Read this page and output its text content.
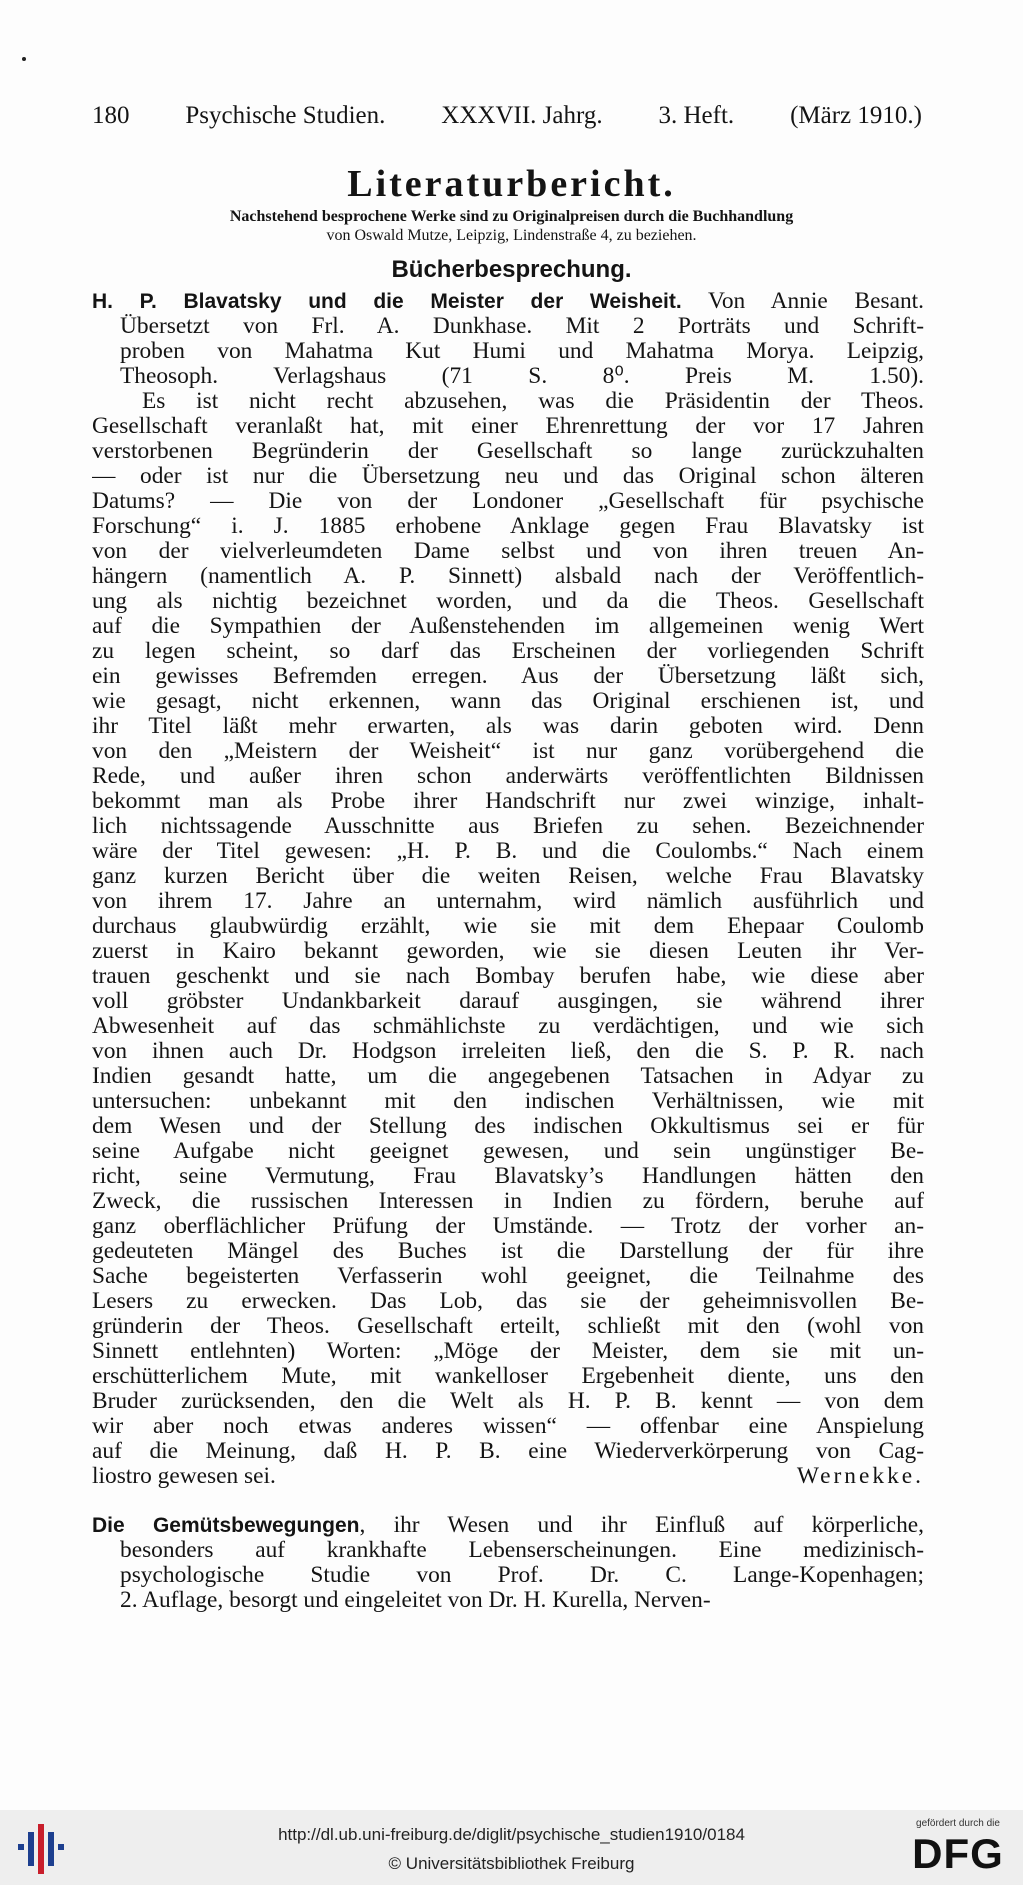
180 Psychische Studien. XXXVII. Jahrg. 3. Heft. (März 1910.)
Literaturbericht.
Nachstehend besprochene Werke sind zu Originalpreisen durch die Buchhandlung
von Oswald Mutze, Leipzig, Lindenstraße 4, zu beziehen.
Bücherbesprechung.
H. P. Blavatsky und die Meister der Weisheit. Von Annie Besant.
Übersetzt von Frl. A. Dunkhase. Mit 2 Porträts und Schrift-
proben von Mahatma Kut Humi und Mahatma Morya. Leipzig,
Theosoph. Verlagshaus (71 S. 8⁰. Preis M. 1.50).
Es ist nicht recht abzusehen, was die Präsidentin der Theos.
Gesellschaft veranlaßt hat, mit einer Ehrenrettung der vor 17 Jahren
verstorbenen Begründerin der Gesellschaft so lange zurückzuhalten
— oder ist nur die Übersetzung neu und das Original schon älteren
Datums? — Die von der Londoner „Gesellschaft für psychische
Forschung“ i. J. 1885 erhobene Anklage gegen Frau Blavatsky ist
von der vielverleumdeten Dame selbst und von ihren treuen An-
hängern (namentlich A. P. Sinnett) alsbald nach der Veröffentlich-
ung als nichtig bezeichnet worden, und da die Theos. Gesellschaft
auf die Sympathien der Außenstehenden im allgemeinen wenig Wert
zu legen scheint, so darf das Erscheinen der vorliegenden Schrift
ein gewisses Befremden erregen. Aus der Übersetzung läßt sich,
wie gesagt, nicht erkennen, wann das Original erschienen ist, und
ihr Titel läßt mehr erwarten, als was darin geboten wird. Denn
von den „Meistern der Weisheit“ ist nur ganz vorübergehend die
Rede, und außer ihren schon anderwärts veröffentlichten Bildnissen
bekommt man als Probe ihrer Handschrift nur zwei winzige, inhalt-
lich nichtssagende Ausschnitte aus Briefen zu sehen. Bezeichnender
wäre der Titel gewesen: „H. P. B. und die Coulombs.“ Nach einem
ganz kurzen Bericht über die weiten Reisen, welche Frau Blavatsky
von ihrem 17. Jahre an unternahm, wird nämlich ausführlich und
durchaus glaubwürdig erzählt, wie sie mit dem Ehepaar Coulomb
zuerst in Kairo bekannt geworden, wie sie diesen Leuten ihr Ver-
trauen geschenkt und sie nach Bombay berufen habe, wie diese aber
voll gröbster Undankbarkeit darauf ausgingen, sie während ihrer
Abwesenheit auf das schmählichste zu verdächtigen, und wie sich
von ihnen auch Dr. Hodgson irreleiten ließ, den die S. P. R. nach
Indien gesandt hatte, um die angegebenen Tatsachen in Adyar zu
untersuchen: unbekannt mit den indischen Verhältnissen, wie mit
dem Wesen und der Stellung des indischen Okkultismus sei er für
seine Aufgabe nicht geeignet gewesen, und sein ungünstiger Be-
richt, seine Vermutung, Frau Blavatsky’s Handlungen hätten den
Zweck, die russischen Interessen in Indien zu fördern, beruhe auf
ganz oberflächlicher Prüfung der Umstände. — Trotz der vorher an-
gedeuteten Mängel des Buches ist die Darstellung der für ihre
Sache begeisterten Verfasserin wohl geeignet, die Teilnahme des
Lesers zu erwecken. Das Lob, das sie der geheimnisvollen Be-
gründerin der Theos. Gesellschaft erteilt, schließt mit den (wohl von
Sinnett entlehnten) Worten: „Möge der Meister, dem sie mit un-
erschütterlichem Mute, mit wankelloser Ergebenheit diente, uns den
Bruder zurücksenden, den die Welt als H. P. B. kennt — von dem
wir aber noch etwas anderes wissen“ — offenbar eine Anspielung
auf die Meinung, daß H. P. B. eine Wiederverkörperung von Cag-
liostro gewesen sei.	Wernekke.
Die Gemütsbewegungen, ihr Wesen und ihr Einfluß auf körperliche,
besonders auf krankhafte Lebenserscheinungen. Eine medizinisch-
psychologische Studie von Prof. Dr. C. Lange-Kopenhagen;
2. Auflage, besorgt und eingeleitet von Dr. H. Kurella, Nerven-
http://dl.ub.uni-freiburg.de/diglit/psychische_studien1910/0184
© Universitätsbibliothek Freiburg
gefördert durch die
DFG
